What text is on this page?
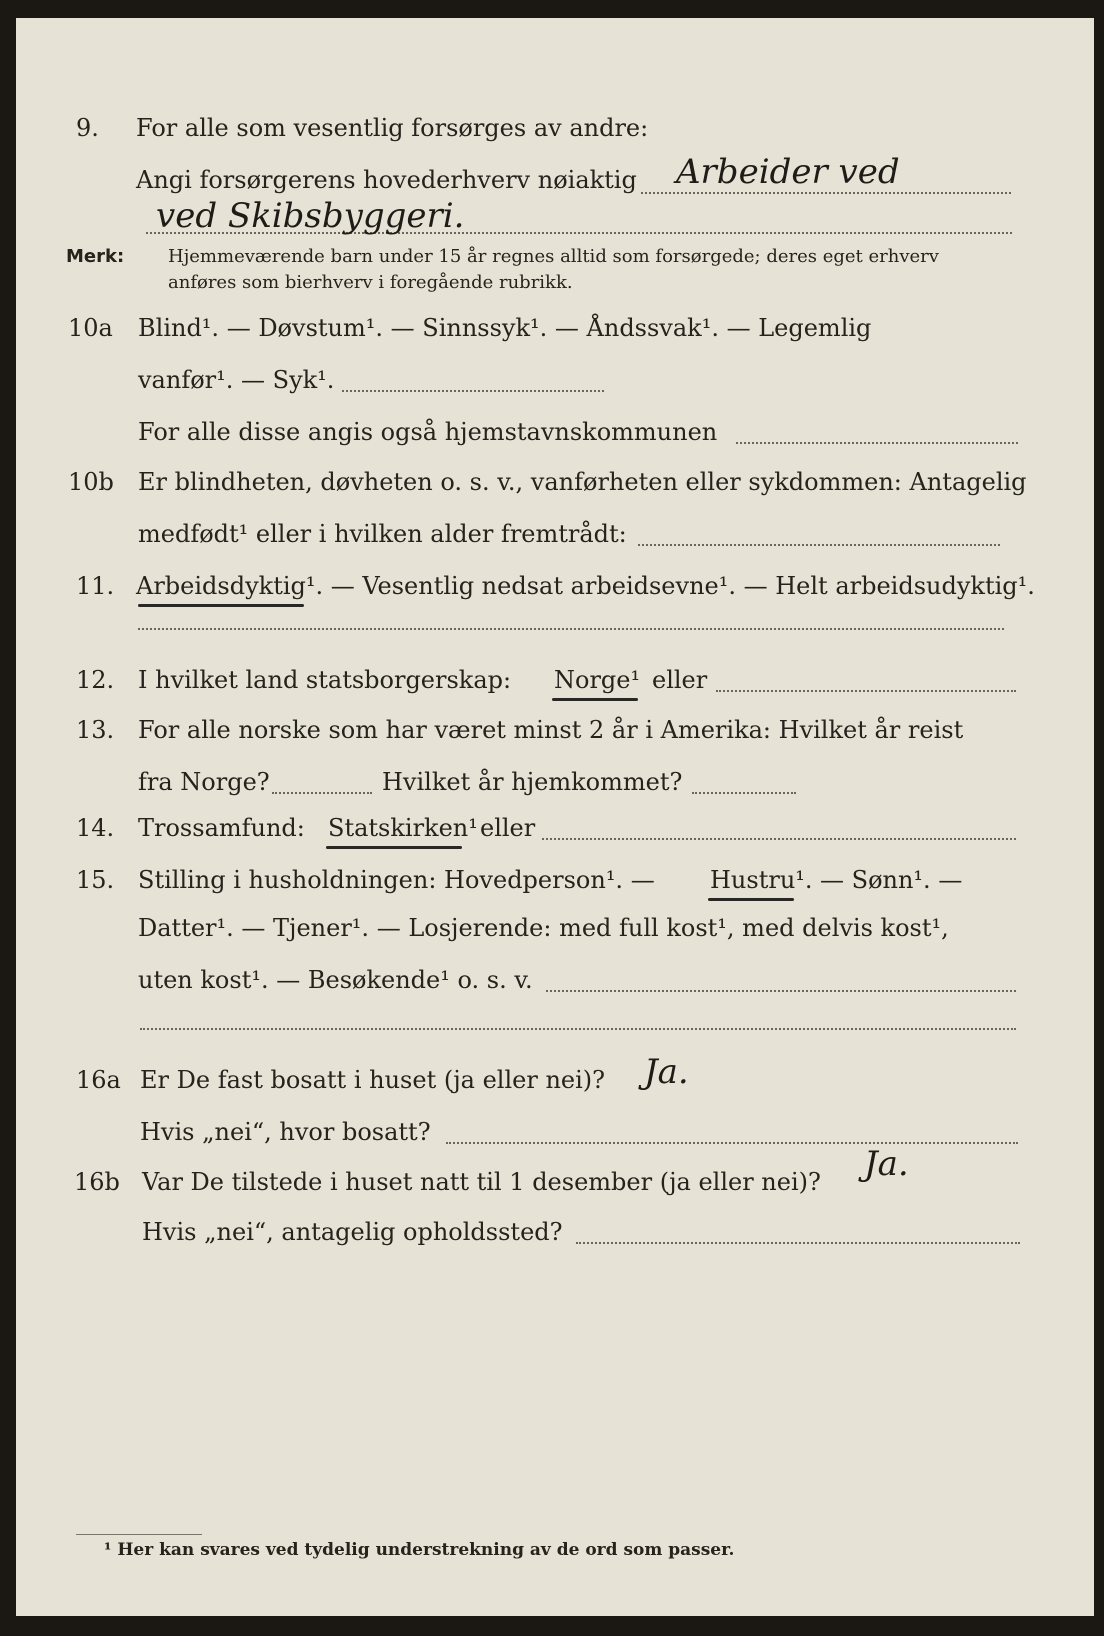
9. For alle som vesentlig forsørges av andre:
Angi forsørgerens hovederhverv nøiaktig Arbeider ved
ved Skibsbyggeri.
Merk: Hjemmeværende barn under 15 år regnes alltid som forsørgede; deres eget erhverv
anføres som bierhverv i foregående rubrikk.
10a Blind¹. — Døvstum¹. — Sinnssyk¹. — Åndssvak¹. — Legemlig
vanfør¹. — Syk¹.
For alle disse angis også hjemstavnskommunen
10b Er blindheten, døvheten o. s. v., vanførheten eller sykdommen: Antagelig
medfødt¹ eller i hvilken alder fremtrådt:
11. Arbeidsdyktig¹. — Vesentlig nedsat arbeidsevne¹. — Helt arbeidsudyktig¹.
12. I hvilket land statsborgerskap: Norge¹ eller
13. For alle norske som har været minst 2 år i Amerika: Hvilket år reist
fra Norge?	Hvilket år hjemkommet?
14. Trossamfund: Statskirken¹ eller
15. Stilling i husholdningen: Hovedperson¹. — Hustru¹. — Sønn¹. —
Datter¹. — Tjener¹. — Losjerende: med full kost¹, med delvis kost¹,
uten kost¹. — Besøkende¹ o. s. v.
16a Er De fast bosatt i huset (ja eller nei)? Ja.
Hvis „nei“, hvor bosatt?
16b Var De tilstede i huset natt til 1 desember (ja eller nei)? Ja.
Hvis „nei“, antagelig opholdssted?
¹ Her kan svares ved tydelig understrekning av de ord som passer.
